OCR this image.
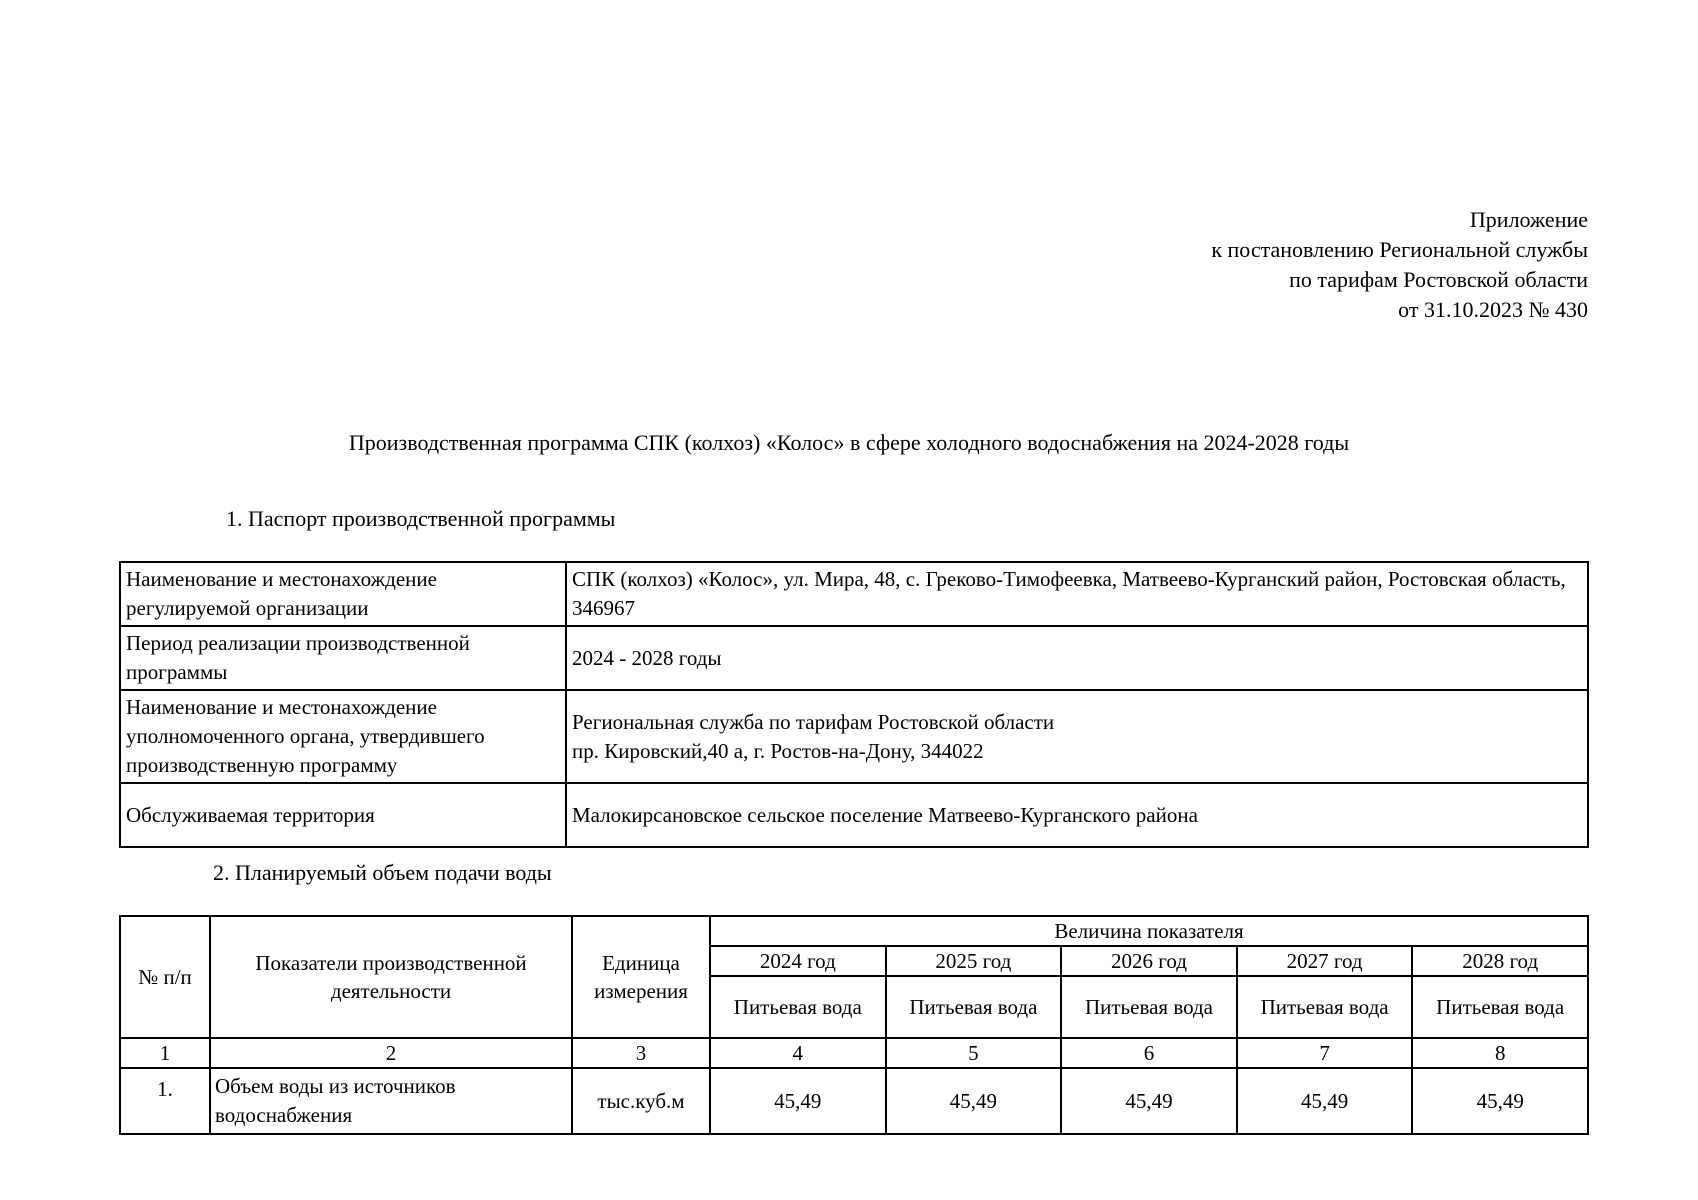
Приложение
к постановлению Региональной службы
по тарифам Ростовской области
от 31.10.2023 № 430
Производственная программа СПК (колхоз) «Колос» в сфере холодного водоснабжения на 2024-2028 годы
1. Паспорт производственной программы
Наименование и местонахождение регулируемой организации	СПК (колхоз) «Колос», ул. Мира, 48, с. Греково-Тимофеевка, Матвеево-Курганский район, Ростовская область, 346967
Период реализации производственной программы	2024 - 2028 годы
Наименование и местонахождение уполномоченного органа, утвердившего производственную программу	Региональная служба по тарифам Ростовской области
пр. Кировский,40 а, г. Ростов-на-Дону, 344022

Обслуживаемая территория	Малокирсановское сельское поселение Матвеево-Курганского района
2. Планируемый объем подачи воды
№ п/п	Показатели производственной деятельности	Единица измерения	Величина показателя				
			2024 год	2025 год	2026 год	2027 год	2028 год
			Питьевая вода	Питьевая вода	Питьевая вода	Питьевая вода	Питьевая вода
1	2	3	4	5	6	7	8
1.	Объем воды из источников водоснабжения	тыс.куб.м	45,49	45,49	45,49	45,49	45,49
